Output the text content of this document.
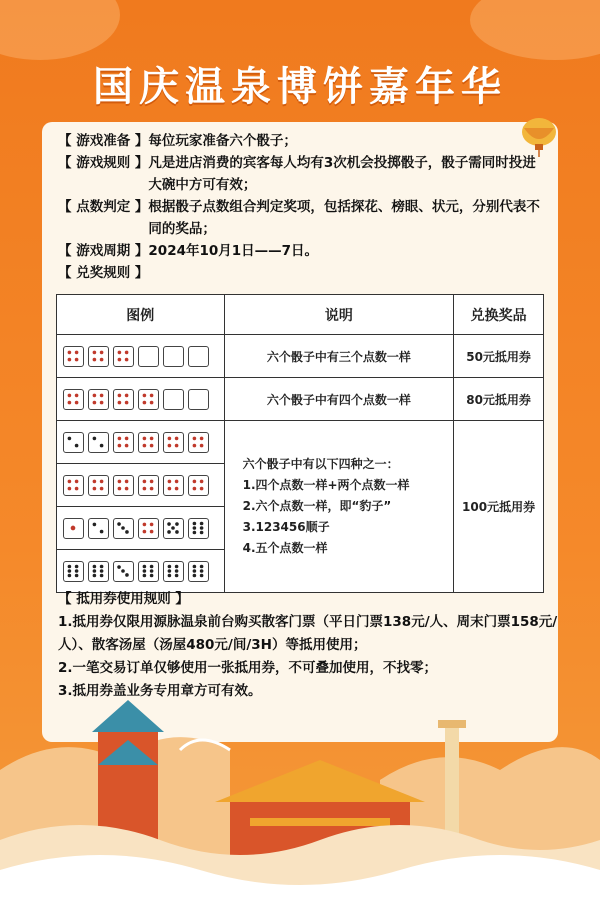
国庆温泉博饼嘉年华
【 游戏准备 】 每位玩家准备六个骰子；
【 游戏规则 】 凡是进店消费的宾客每人均有3次机会投掷骰子，骰子需同时投进大碗中方可有效；
【 点数判定 】 根据骰子点数组合判定奖项，包括探花、榜眼、状元，分别代表不同的奖品；
【 游戏周期 】 2024年10月1日——7日。
【 兑奖规则 】
图例	说明	兑换奖品

	六个骰子中有三个点数一样	50元抵用券

	六个骰子中有四个点数一样	80元抵用券

六个骰子中有以下四种之一：
1.四个点数一样+两个点数一样
2.六个点数一样，即“豹子”
3.123456顺子
4.五个点数一样	100元抵用券

【 抵用券使用规则 】
1.抵用券仅限用源脉温泉前台购买散客门票（平日门票138元/人、周末门票158元/人）、散客汤屋（汤屋480元/间/3H）等抵用使用；
2.一笔交易订单仅够使用一张抵用券，不可叠加使用，不找零；
3.抵用券盖业务专用章方可有效。
